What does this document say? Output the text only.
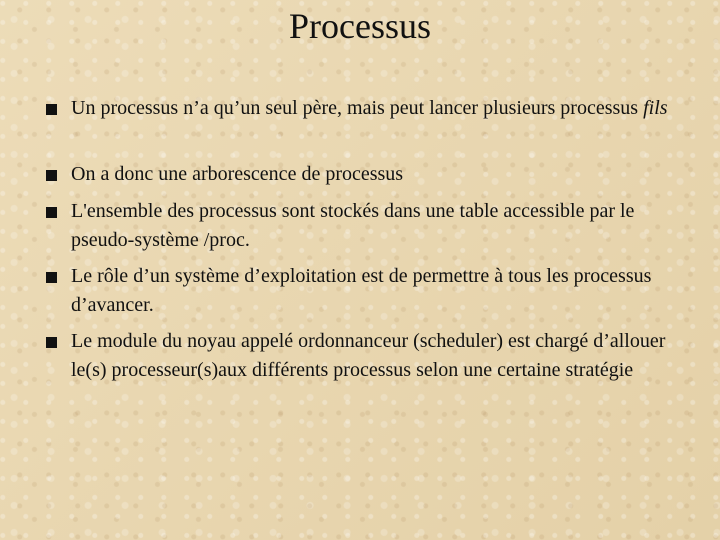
Processus

Un processus n’a qu’un seul père, mais peut lancer plusieurs processus fils

On a donc une arborescence de processus

L'ensemble des processus sont stockés dans une table accessible par le pseudo-système /proc.

Le rôle d’un système d’exploitation est de permettre à tous les processus d’avancer.

Le module du noyau appelé ordonnanceur (scheduler) est chargé d’allouer le(s) processeur(s)aux différents processus selon une certaine stratégie
